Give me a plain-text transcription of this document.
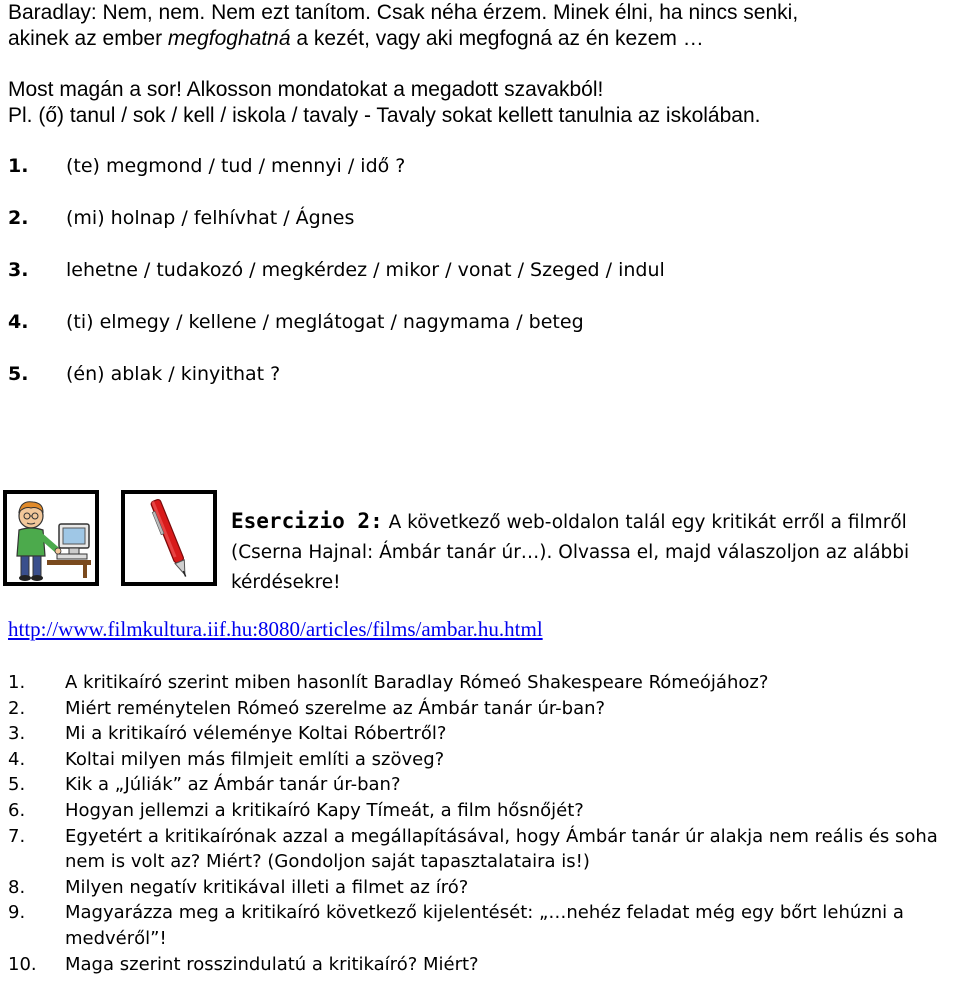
Baradlay: Nem, nem. Nem ezt tanítom. Csak néha érzem. Minek élni, ha nincs senki,
akinek az ember megfoghatná a kezét, vagy aki megfogná az én kezem …
Most magán a sor! Alkosson mondatokat a megadott szavakból!
Pl. (ő) tanul / sok / kell / iskola / tavaly - Tavaly sokat kellett tanulnia az iskolában.
1. (te) megmond / tud / mennyi / idő ?
2. (mi) holnap / felhívhat / Ágnes
3. lehetne / tudakozó / megkérdez / mikor / vonat / Szeged / indul
4. (ti) elmegy / kellene / meglátogat / nagymama / beteg
5. (én) ablak / kinyithat ?
Esercizio 2: A következő web-oldalon talál egy kritikát erről a filmről (Cserna Hajnal: Ámbár tanár úr…). Olvassa el, majd válaszoljon az alábbi kérdésekre!
http://www.filmkultura.iif.hu:8080/articles/films/ambar.hu.html
1.	A kritikaíró szerint miben hasonlít Baradlay Rómeó Shakespeare Rómeójához?
2.	Miért reménytelen Rómeó szerelme az Ámbár tanár úr-ban?
3.	Mi a kritikaíró véleménye Koltai Róbertről?
4.	Koltai milyen más filmjeit említi a szöveg?
5.	Kik a „Júliák” az Ámbár tanár úr-ban?
6.	Hogyan jellemzi a kritikaíró Kapy Tímeát, a film hősnőjét?
7.	Egyetért a kritikaírónak azzal a megállapításával, hogy Ámbár tanár úr alakja nem reális és soha nem is volt az? Miért? (Gondoljon saját tapasztalataira is!)
8.	Milyen negatív kritikával illeti a filmet az író?
9.	Magyarázza meg a kritikaíró következő kijelentését: „…nehéz feladat még egy bőrt lehúzni a medvéről”!
10.	Maga szerint rosszindulatú a kritikaíró? Miért?
